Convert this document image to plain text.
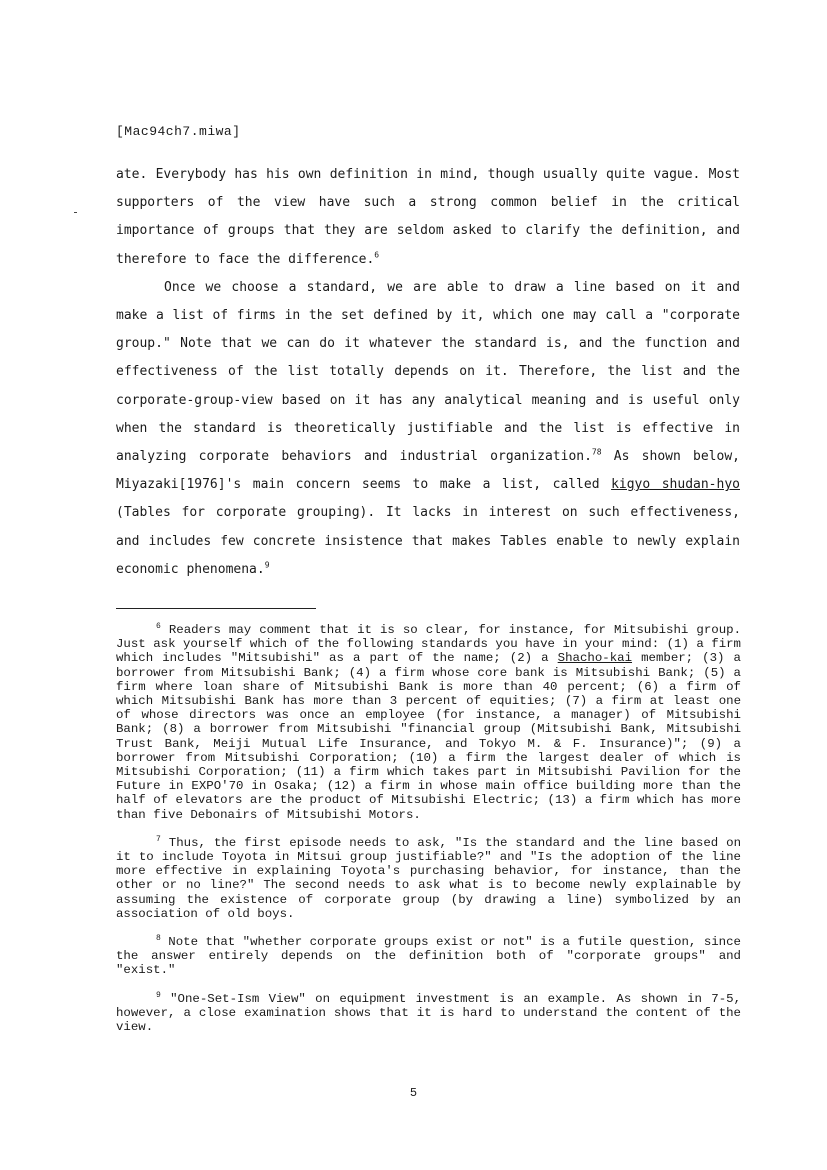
[Mac94ch7.miwa]

ate. Everybody has his own definition in mind, though usually quite vague. Most supporters of the view have such a strong common belief in the critical importance of groups that they are seldom asked to clarify the definition, and therefore to face the difference.$^6$

Once we choose a standard, we are able to draw a line based on it and make a list of firms in the set defined by it, which one may call a "corporate group." Note that we can do it whatever the standard is, and the function and effectiveness of the list totally depends on it. Therefore, the list and the corporate-group-view based on it has any analytical meaning and is useful only when the standard is theoretically justifiable and the list is effective in analyzing corporate behaviors and industrial organization.$^{78}$ As shown below, Miyazaki[1976]'s main concern seems to make a list, called kigyo shudan-hyo (Tables for corporate grouping). It lacks in interest on such effectiveness, and includes few concrete insistence that makes Tables enable to newly explain economic phenomena.$^9$

$^6$ Readers may comment that it is so clear, for instance, for Mitsubishi group. Just ask yourself which of the following standards you have in your mind: (1) a firm which includes "Mitsubishi" as a part of the name; (2) a Shacho-kai member; (3) a borrower from Mitsubishi Bank; (4) a firm whose core bank is Mitsubishi Bank; (5) a firm where loan share of Mitsubishi Bank is more than 40 percent; (6) a firm of which Mitsubishi Bank has more than 3 percent of equities; (7) a firm at least one of whose directors was once an employee (for instance, a manager) of Mitsubishi Bank; (8) a borrower from Mitsubishi "financial group (Mitsubishi Bank, Mitsubishi Trust Bank, Meiji Mutual Life Insurance, and Tokyo M. & F. Insurance)"; (9) a borrower from Mitsubishi Corporation; (10) a firm the largest dealer of which is Mitsubishi Corporation; (11) a firm which takes part in Mitsubishi Pavilion for the Future in EXPO'70 in Osaka; (12) a firm in whose main office building more than the half of elevators are the product of Mitsubishi Electric; (13) a firm which has more than five Debonairs of Mitsubishi Motors.

$^7$ Thus, the first episode needs to ask, "Is the standard and the line based on it to include Toyota in Mitsui group justifiable?" and "Is the adoption of the line more effective in explaining Toyota's purchasing behavior, for instance, than the other or no line?" The second needs to ask what is to become newly explainable by assuming the existence of corporate group (by drawing a line) symbolized by an association of old boys.

$^8$ Note that "whether corporate groups exist or not" is a futile question, since the answer entirely depends on the definition both of "corporate groups" and "exist."

$^9$ "One-Set-Ism View" on equipment investment is an example. As shown in 7-5, however, a close examination shows that it is hard to understand the content of the view.

5
